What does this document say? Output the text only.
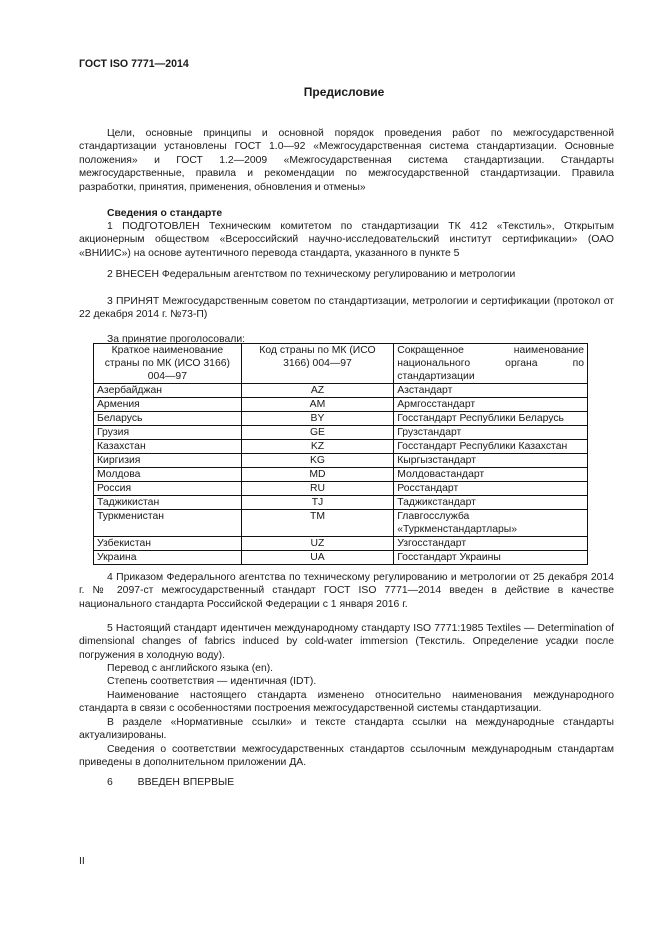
ГОСТ ISO 7771—2014
Предисловие

Цели, основные принципы и основной порядок проведения работ по межгосударственной стандартизации установлены ГОСТ 1.0—92 «Межгосударственная система стандартизации. Основные положения» и ГОСТ 1.2—2009 «Межгосударственная система стандартизации. Стандарты межгосударственные, правила и рекомендации по межгосударственной стандартизации. Правила разработки, принятия, применения, обновления и отмены»

Сведения о стандарте

1 ПОДГОТОВЛЕН Техническим комитетом по стандартизации ТК 412 «Текстиль», Открытым акционерным обществом «Всероссийский научно-исследовательский институт сертификации» (ОАО «ВНИИС») на основе аутентичного перевода стандарта, указанного в пункте 5

2 ВНЕСЕН Федеральным агентством по техническому регулированию и метрологии

3 ПРИНЯТ Межгосударственным советом по стандартизации, метрологии и сертификации (протокол от 22 декабря 2014 г. №73-П)

За принятие проголосовали:

Краткое наименование страны по МК (ИСО 3166) 004—97	Код страны по МК (ИСО 3166) 004—97	Сокращенное наименование национального органа по стандартизации
Азербайджан	AZ	Азстандарт
Армения	AM	Армгосстандарт
Беларусь	BY	Госстандарт Республики Беларусь
Грузия	GE	Грузстандарт
Казахстан	KZ	Госстандарт Республики Казахстан
Киргизия	KG	Кыргызстандарт
Молдова	MD	Молдовастандарт
Россия	RU	Росстандарт
Таджикистан	TJ	Таджикстандарт
Туркменистан	TM	Главгосслужба «Туркменстандартлары»
Узбекистан	UZ	Узгосстандарт
Украина	UA	Госстандарт Украины

4 Приказом Федерального агентства по техническому регулированию и метрологии от 25 декабря 2014 г. № 2097-ст межгосударственный стандарт ГОСТ ISO 7771—2014 введен в действие в качестве национального стандарта Российской Федерации с 1 января 2016 г.

5 Настоящий стандарт идентичен международному стандарту ISO 7771:1985 Textiles — Determination of dimensional changes of fabrics induced by cold-water immersion (Текстиль. Определение усадки после погружения в холодную воду).

Перевод с английского языка (en).

Степень соответствия — идентичная (IDT).

Наименование настоящего стандарта изменено относительно наименования международного стандарта в связи с особенностями построения межгосударственной системы стандартизации.

В разделе «Нормативные ссылки» и тексте стандарта ссылки на международные стандарты актуализированы.

Сведения о соответствии межгосударственных стандартов ссылочным международным стандартам приведены в дополнительном приложении ДА.

6 ВВЕДЕН ВПЕРВЫЕ
II
